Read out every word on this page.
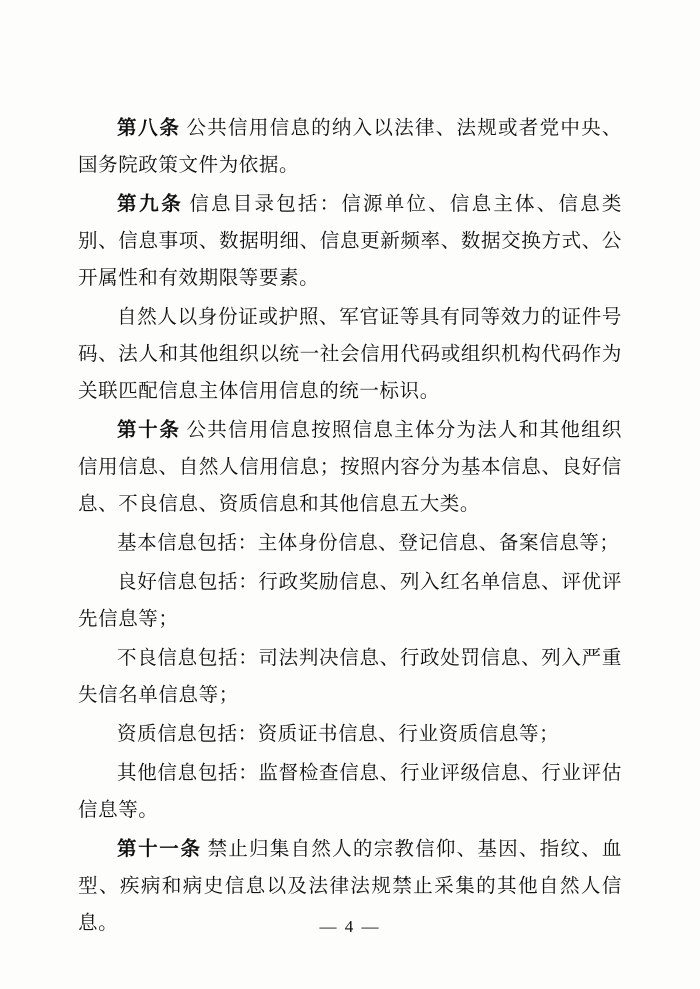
第八条 公共信用信息的纳入以法律、法规或者党中央、国务院政策文件为依据。

第九条 信息目录包括：信源单位、信息主体、信息类别、信息事项、数据明细、信息更新频率、数据交换方式、公开属性和有效期限等要素。

自然人以身份证或护照、军官证等具有同等效力的证件号码、法人和其他组织以统一社会信用代码或组织机构代码作为关联匹配信息主体信用信息的统一标识。

第十条 公共信用信息按照信息主体分为法人和其他组织信用信息、自然人信用信息；按照内容分为基本信息、良好信息、不良信息、资质信息和其他信息五大类。

基本信息包括：主体身份信息、登记信息、备案信息等；

良好信息包括：行政奖励信息、列入红名单信息、评优评先信息等；

不良信息包括：司法判决信息、行政处罚信息、列入严重失信名单信息等；

资质信息包括：资质证书信息、行业资质信息等；

其他信息包括：监督检查信息、行业评级信息、行业评估信息等。

第十一条 禁止归集自然人的宗教信仰、基因、指纹、血型、疾病和病史信息以及法律法规禁止采集的其他自然人信息。	— 4 —
